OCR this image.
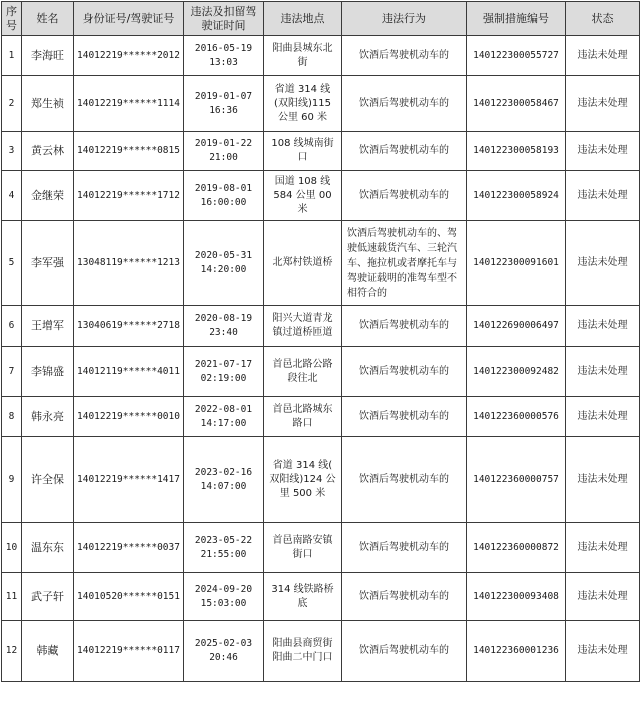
序号	姓名	身份证号/驾驶证号	违法及扣留驾驶证时间	违法地点	违法行为	强制措施编号	状态
1	李海旺	14012219******2012	2016-05-19
13:03	阳曲县城东北街	饮酒后驾驶机动车的	140122300055727	违法未处理
2	郑生祯	14012219******1114	2019-01-07
16:36	省道 314 线(双阳线)115 公里 60 米	饮酒后驾驶机动车的	140122300058467	违法未处理
3	黄云林	14012219******0815	2019-01-22
21:00	108 线城南街口	饮酒后驾驶机动车的	140122300058193	违法未处理
4	金继荣	14012219******1712	2019-08-01
16:00:00	国道 108 线584 公里 00 米	饮酒后驾驶机动车的	140122300058924	违法未处理
5	李军强	13048119******1213	2020-05-31
14:20:00	北郑村铁道桥	饮酒后驾驶机动车的、驾驶低速载货汽车、三轮汽车、拖拉机或者摩托车与驾驶证载明的准驾车型不相符合的	140122300091601	违法未处理
6	王增军	13040619******2718	2020-08-19
23:40	阳兴大道青龙镇过道桥匝道	饮酒后驾驶机动车的	140122690006497	违法未处理
7	李锦盛	14012119******4011	2021-07-17
02:19:00	首邑北路公路段往北	饮酒后驾驶机动车的	140122300092482	违法未处理
8	韩永亮	14012219******0010	2022-08-01
14:17:00	首邑北路城东路口	饮酒后驾驶机动车的	140122360000576	违法未处理
9	许全保	14012219******1417	2023-02-16
14:07:00	省道 314 线( 双阳线)124 公里 500 米	饮酒后驾驶机动车的	140122360000757	违法未处理
10	温东东	14012219******0037	2023-05-22
21:55:00	首邑南路安镇街口	饮酒后驾驶机动车的	140122360000872	违法未处理
11	武子轩	14010520******0151	2024-09-20
15:03:00	314 线铁路桥底	饮酒后驾驶机动车的	140122300093408	违法未处理
12	韩藏	14012219******0117	2025-02-03
20:46	阳曲县商贸街阳曲二中门口	饮酒后驾驶机动车的	140122360001236	违法未处理
